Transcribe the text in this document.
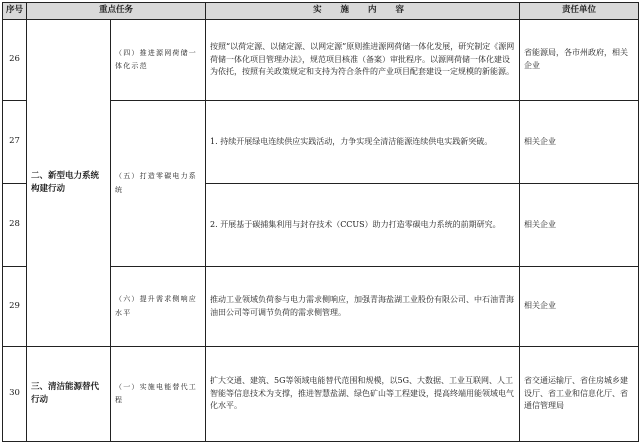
序号	重点任务		实 施 内 容	责任单位
26	二、新型电力系统构建行动	（四）推进源网荷储一体化示范	按照“以荷定源、以储定源、以网定源”原则推进源网荷储一体化发展，研究制定《源网荷储一体化项目管理办法》，规范项目核准（备案）审批程序。以源网荷储一体化建设为依托，按照有关政策规定和支持为符合条件的产业项目配套建设一定规模的新能源。	省能源局，各市州政府，相关企业
27		（五）打造零碳电力系统	1. 持续开展绿电连续供应实践活动，力争实现全清洁能源连续供电实践新突破。	相关企业
28			2. 开展基于碳捕集利用与封存技术（CCUS）助力打造零碳电力系统的前期研究。	相关企业
29		（六）提升需求侧响应水平	推动工业领域负荷参与电力需求侧响应，加强青海盐湖工业股份有限公司、中石油青海油田公司等可调节负荷的需求侧管理。	相关企业
30	三、清洁能源替代行动	（一）实施电能替代工程	扩大交通、建筑、5G等领域电能替代范围和规模，以5G、大数据、工业互联网、人工智能等信息技术为支撑，推进智慧盐湖、绿色矿山等工程建设，提高终端用能领域电气化水平。	省交通运输厅、省住房城乡建设厅、省工业和信息化厅、省通信管理局
